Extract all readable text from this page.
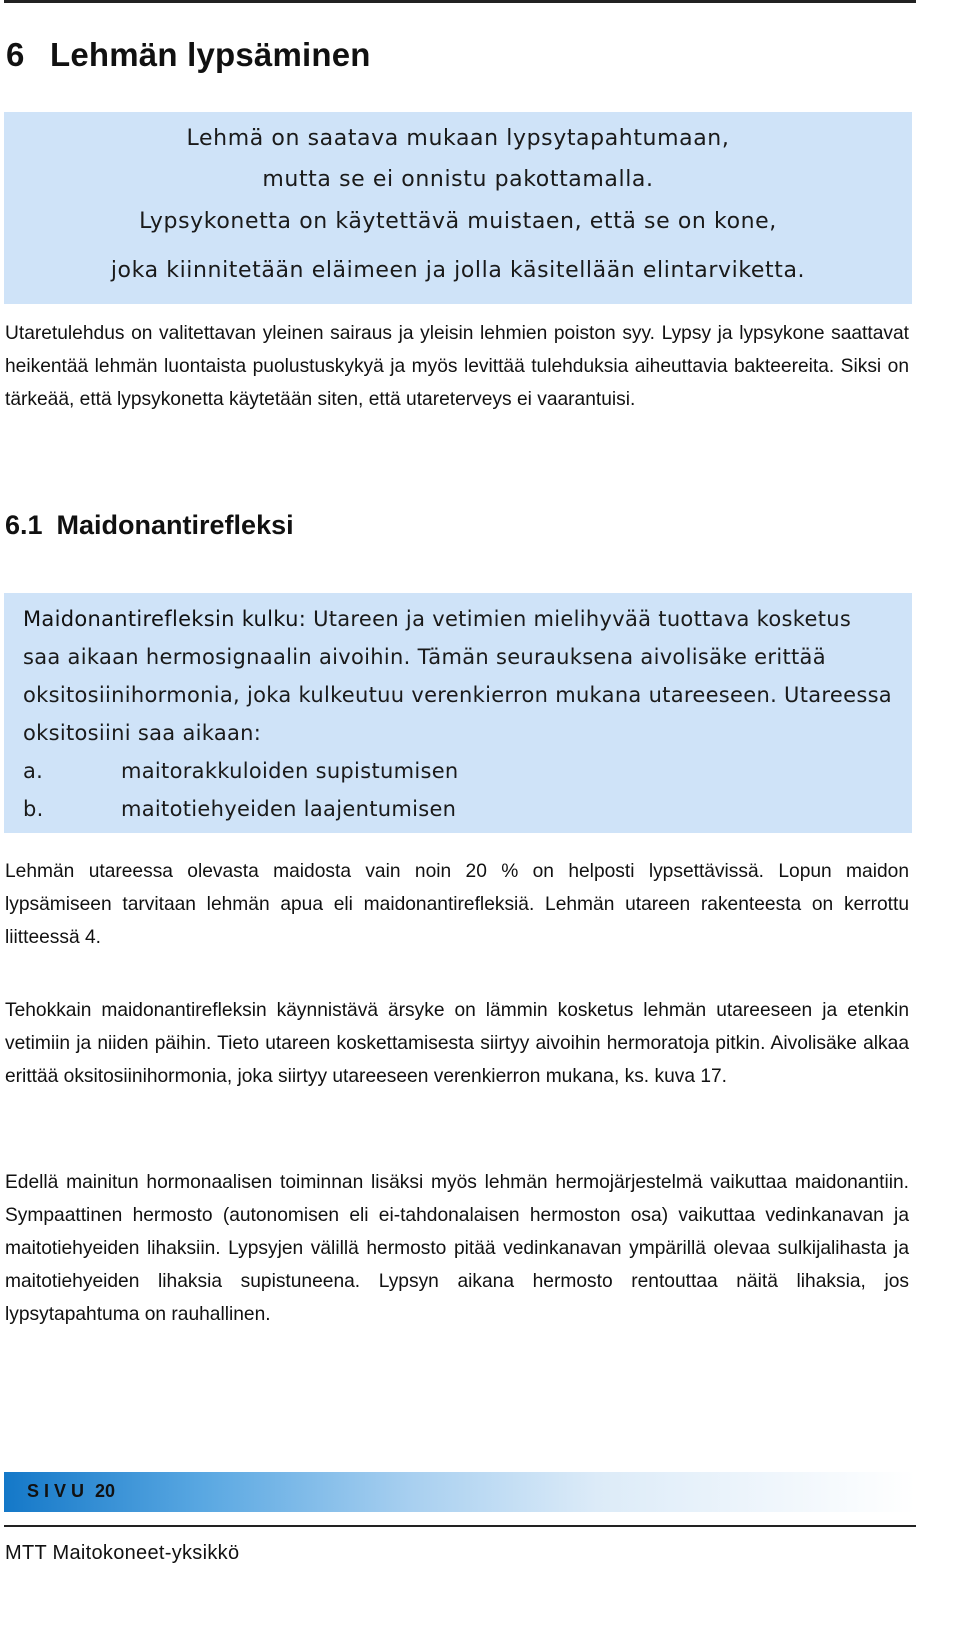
6 Lehmän lypsäminen
Lehmä on saatava mukaan lypsytapahtumaan,
mutta se ei onnistu pakottamalla.
Lypsykonetta on käytettävä muistaen, että se on kone,
joka kiinnitetään eläimeen ja jolla käsitellään elintarviketta.

Utaretulehdus on valitettavan yleinen sairaus ja yleisin lehmien poiston syy. Lypsy ja lypsykone saattavat heikentää lehmän luontaista puolustuskykyä ja myös levittää tulehduksia aiheuttavia bakteereita. Siksi on tärkeää, että lypsykonetta käytetään siten, että utareterveys ei vaarantuisi.

6.1 Maidonantirefleksi

Maidonantirefleksin kulku: Utareen ja vetimien mielihyvää tuottava kosketus saa aikaan hermosignaalin aivoihin. Tämän seurauksena aivolisäke erittää oksitosiinihormonia, joka kulkeutuu verenkierron mukana utareeseen. Utareessa oksitosiini saa aikaan:

a.	maitorakkuloiden supistumisen
b.	maitotiehyeiden laajentumisen

Lehmän utareessa olevasta maidosta vain noin 20 % on helposti lypsettävissä. Lopun maidon lypsämiseen tarvitaan lehmän apua eli maidonantirefleksiä. Lehmän utareen rakenteesta on kerrottu liitteessä 4.

Tehokkain maidonantirefleksin käynnistävä ärsyke on lämmin kosketus lehmän utareeseen ja etenkin vetimiin ja niiden päihin. Tieto utareen koskettamisesta siirtyy aivoihin hermoratoja pitkin. Aivolisäke alkaa erittää oksitosiinihormonia, joka siirtyy utareeseen verenkierron mukana, ks. kuva 17.

Edellä mainitun hormonaalisen toiminnan lisäksi myös lehmän hermojärjestelmä vaikuttaa maidonantiin. Sympaattinen hermosto (autonomisen eli ei-tahdonalaisen hermoston osa) vaikuttaa vedinkanavan ja maitotiehyeiden lihaksiin. Lypsyjen välillä hermosto pitää vedinkanavan ympärillä olevaa sulkijalihasta ja maitotiehyeiden lihaksia supistuneena. Lypsyn aikana hermosto rentouttaa näitä lihaksia, jos lypsytapahtuma on rauhallinen.

SIVU 20
MTT Maitokoneet-yksikkö
